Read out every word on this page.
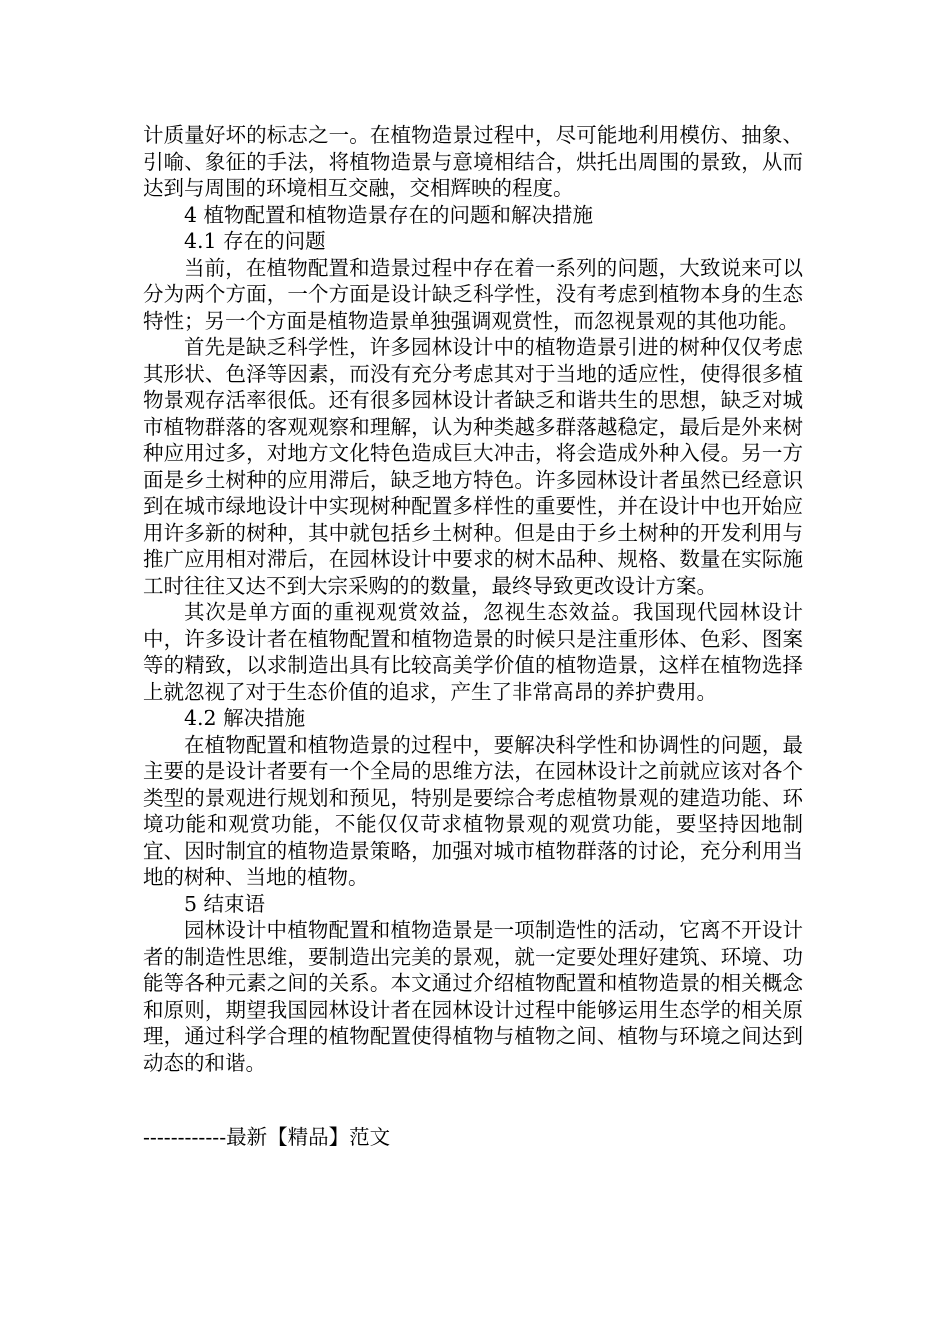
计质量好坏的标志之一。在植物造景过程中，尽可能地利用模仿、抽象、引喻、象征的手法，将植物造景与意境相结合，烘托出周围的景致，从而达到与周围的环境相互交融，交相辉映的程度。

4 植物配置和植物造景存在的问题和解决措施

4.1 存在的问题

当前，在植物配置和造景过程中存在着一系列的问题，大致说来可以分为两个方面，一个方面是设计缺乏科学性，没有考虑到植物本身的生态特性；另一个方面是植物造景单独强调观赏性，而忽视景观的其他功能。

首先是缺乏科学性，许多园林设计中的植物造景引进的树种仅仅考虑其形状、色泽等因素，而没有充分考虑其对于当地的适应性，使得很多植物景观存活率很低。还有很多园林设计者缺乏和谐共生的思想，缺乏对城市植物群落的客观观察和理解，认为种类越多群落越稳定，最后是外来树种应用过多，对地方文化特色造成巨大冲击，将会造成外种入侵。另一方面是乡土树种的应用滞后，缺乏地方特色。许多园林设计者虽然已经意识到在城市绿地设计中实现树种配置多样性的重要性，并在设计中也开始应用许多新的树种，其中就包括乡土树种。但是由于乡土树种的开发利用与推广应用相对滞后，在园林设计中要求的树木品种、规格、数量在实际施工时往往又达不到大宗采购的的数量，最终导致更改设计方案。

其次是单方面的重视观赏效益，忽视生态效益。我国现代园林设计中，许多设计者在植物配置和植物造景的时候只是注重形体、色彩、图案等的精致，以求制造出具有比较高美学价值的植物造景，这样在植物选择上就忽视了对于生态价值的追求，产生了非常高昂的养护费用。

4.2 解决措施

在植物配置和植物造景的过程中，要解决科学性和协调性的问题，最主要的是设计者要有一个全局的思维方法，在园林设计之前就应该对各个类型的景观进行规划和预见，特别是要综合考虑植物景观的建造功能、环境功能和观赏功能，不能仅仅苛求植物景观的观赏功能，要坚持因地制宜、因时制宜的植物造景策略，加强对城市植物群落的讨论，充分利用当地的树种、当地的植物。

5 结束语

园林设计中植物配置和植物造景是一项制造性的活动，它离不开设计者的制造性思维，要制造出完美的景观，就一定要处理好建筑、环境、功能等各种元素之间的关系。本文通过介绍植物配置和植物造景的相关概念和原则，期望我国园林设计者在园林设计过程中能够运用生态学的相关原理，通过科学合理的植物配置使得植物与植物之间、植物与环境之间达到动态的和谐。

------------最新【精品】范文
